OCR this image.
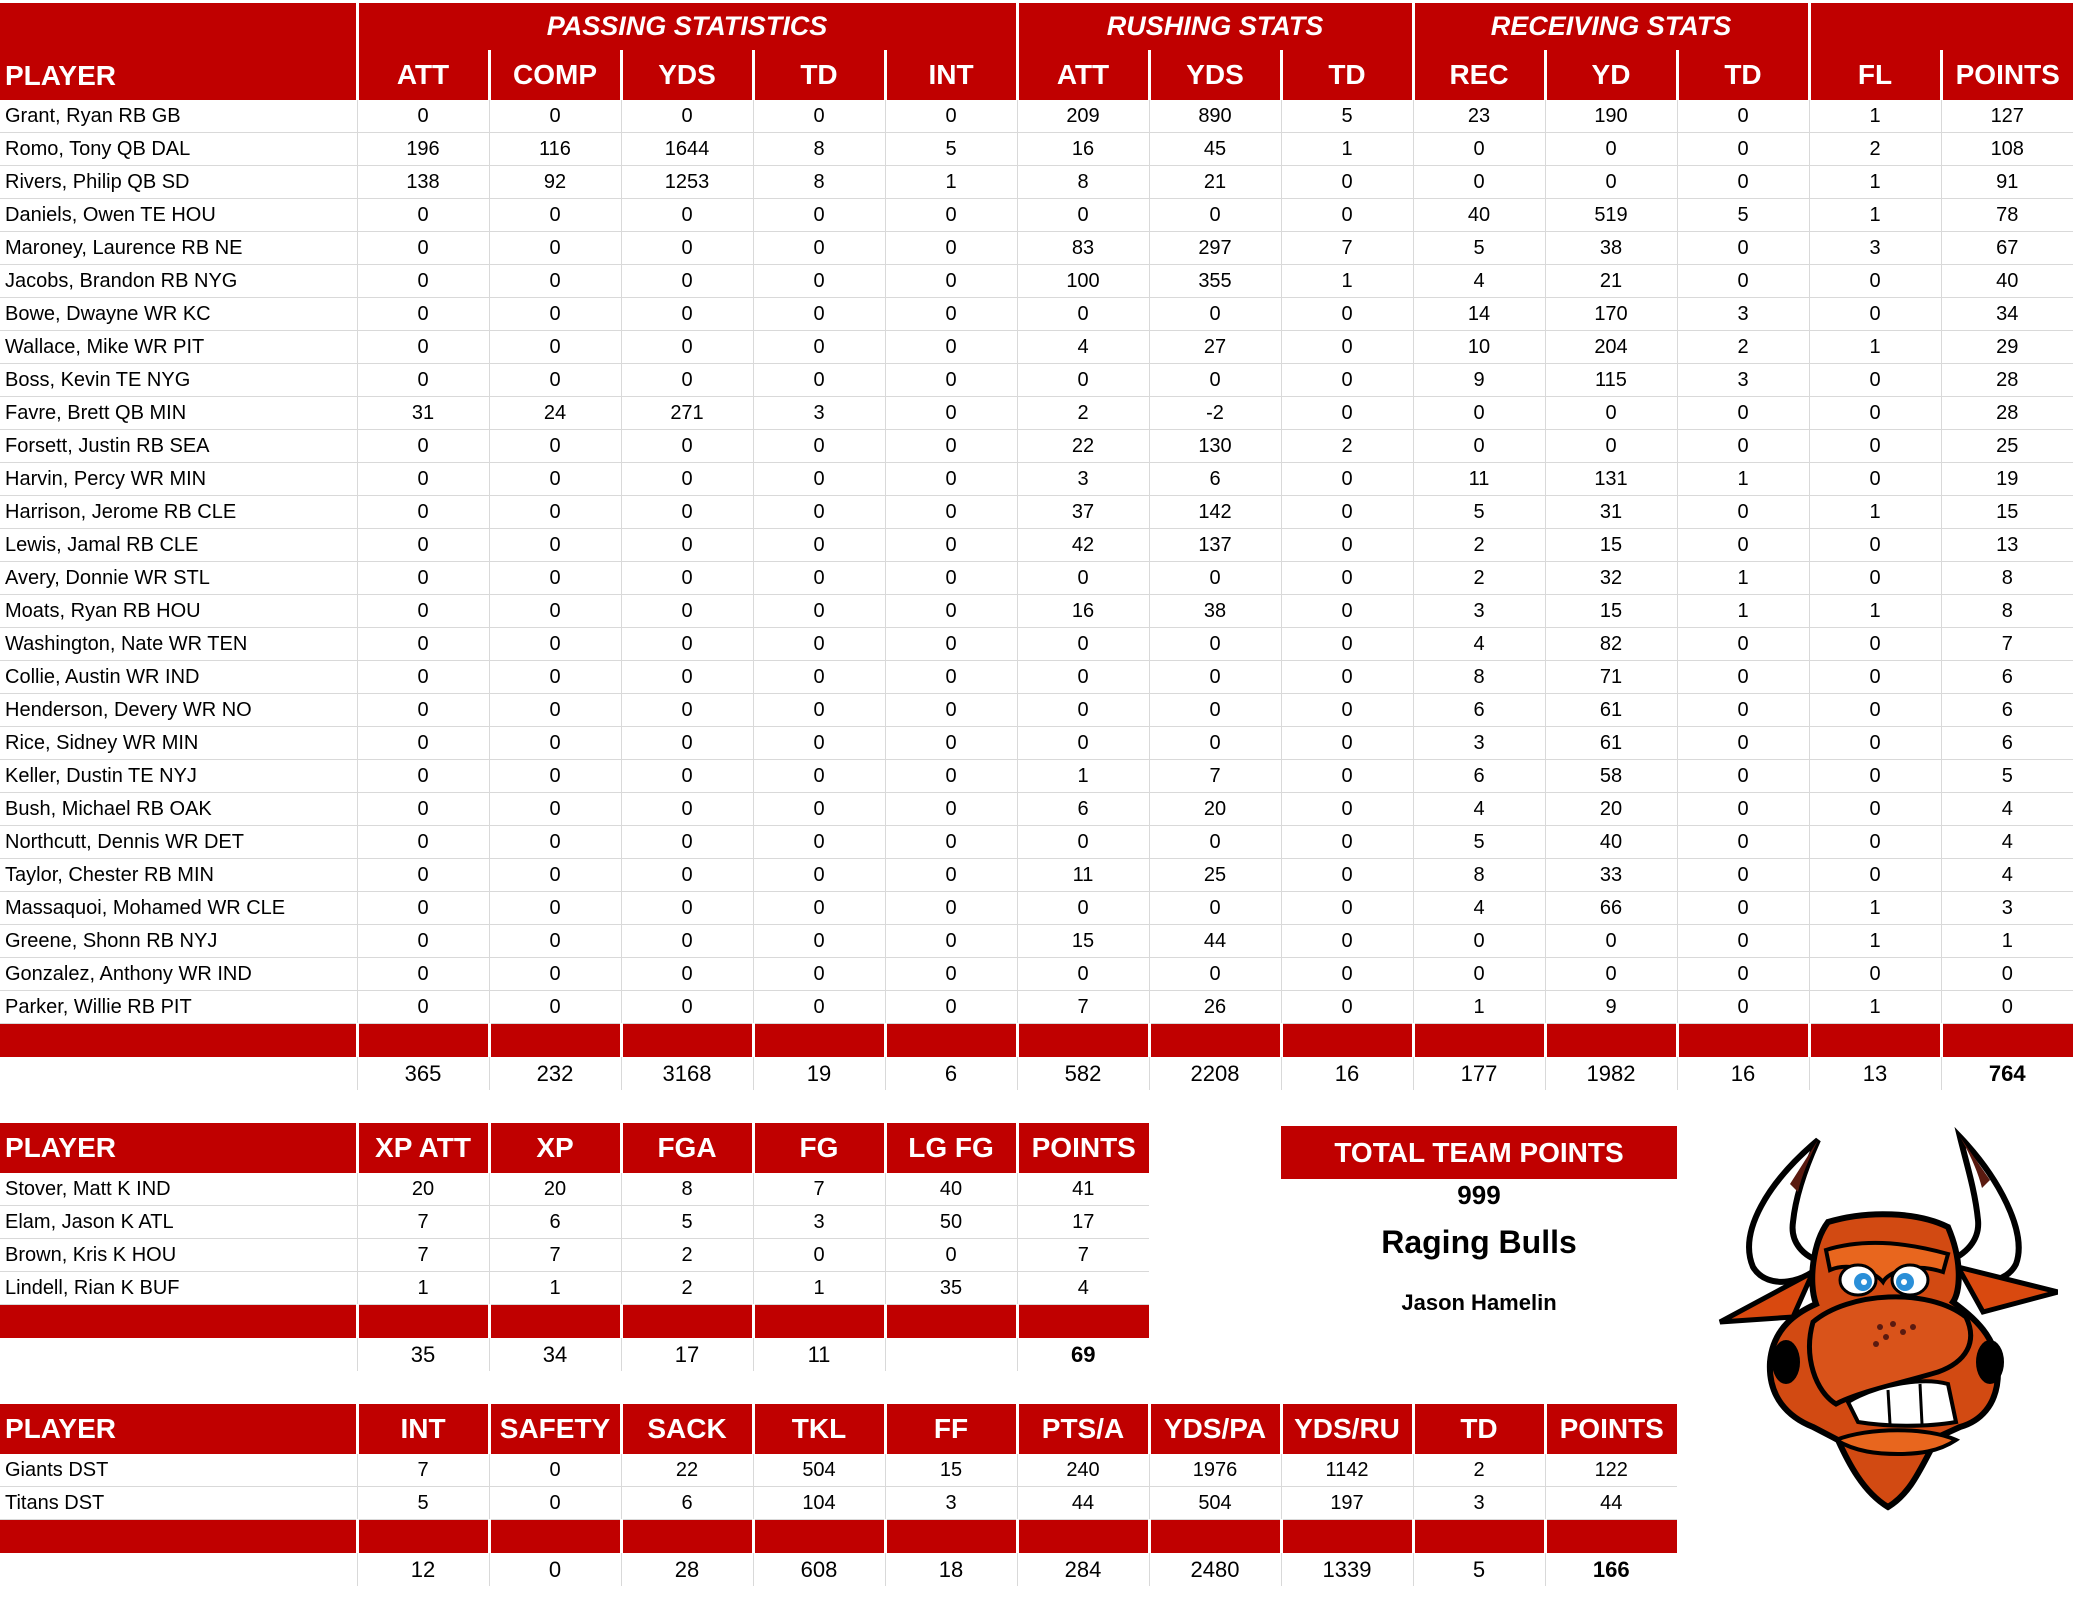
PLAYER	PASSING STATISTICS					RUSHING STATS			RECEIVING STATS				
	ATT	COMP	YDS	TD	INT	ATT	YDS	TD	REC	YD	TD	FL	POINTS
Grant, Ryan RB GB	0	0	0	0	0	209	890	5	23	190	0	1	127
Romo, Tony QB DAL	196	116	1644	8	5	16	45	1	0	0	0	2	108
Rivers, Philip QB SD	138	92	1253	8	1	8	21	0	0	0	0	1	91
Daniels, Owen TE HOU	0	0	0	0	0	0	0	0	40	519	5	1	78
Maroney, Laurence RB NE	0	0	0	0	0	83	297	7	5	38	0	3	67
Jacobs, Brandon RB NYG	0	0	0	0	0	100	355	1	4	21	0	0	40
Bowe, Dwayne WR KC	0	0	0	0	0	0	0	0	14	170	3	0	34
Wallace, Mike WR PIT	0	0	0	0	0	4	27	0	10	204	2	1	29
Boss, Kevin TE NYG	0	0	0	0	0	0	0	0	9	115	3	0	28
Favre, Brett QB MIN	31	24	271	3	0	2	-2	0	0	0	0	0	28
Forsett, Justin RB SEA	0	0	0	0	0	22	130	2	0	0	0	0	25
Harvin, Percy WR MIN	0	0	0	0	0	3	6	0	11	131	1	0	19
Harrison, Jerome RB CLE	0	0	0	0	0	37	142	0	5	31	0	1	15
Lewis, Jamal RB CLE	0	0	0	0	0	42	137	0	2	15	0	0	13
Avery, Donnie WR STL	0	0	0	0	0	0	0	0	2	32	1	0	8
Moats, Ryan RB HOU	0	0	0	0	0	16	38	0	3	15	1	1	8
Washington, Nate WR TEN	0	0	0	0	0	0	0	0	4	82	0	0	7
Collie, Austin WR IND	0	0	0	0	0	0	0	0	8	71	0	0	6
Henderson, Devery WR NO	0	0	0	0	0	0	0	0	6	61	0	0	6
Rice, Sidney WR MIN	0	0	0	0	0	0	0	0	3	61	0	0	6
Keller, Dustin TE NYJ	0	0	0	0	0	1	7	0	6	58	0	0	5
Bush, Michael RB OAK	0	0	0	0	0	6	20	0	4	20	0	0	4
Northcutt, Dennis WR DET	0	0	0	0	0	0	0	0	5	40	0	0	4
Taylor, Chester RB MIN	0	0	0	0	0	11	25	0	8	33	0	0	4
Massaquoi, Mohamed WR CLE	0	0	0	0	0	0	0	0	4	66	0	1	3
Greene, Shonn RB NYJ	0	0	0	0	0	15	44	0	0	0	0	1	1
Gonzalez, Anthony WR IND	0	0	0	0	0	0	0	0	0	0	0	0	0
Parker, Willie RB PIT	0	0	0	0	0	7	26	0	1	9	0	1	0

	365	232	3168	19	6	582	2208	16	177	1982	16	13	764
PLAYER	XP ATT	XP	FGA	FG	LG FG	POINTS
Stover, Matt K IND	20	20	8	7	40	41
Elam, Jason K ATL	7	6	5	3	50	17
Brown, Kris K HOU	7	7	2	0	0	7
Lindell, Rian K BUF	1	1	2	1	35	4

	35	34	17	11		69
PLAYER	INT	SAFETY	SACK	TKL	FF	PTS/A	YDS/PA	YDS/RU	TD	POINTS
Giants DST	7	0	22	504	15	240	1976	1142	2	122
Titans DST	5	0	6	104	3	44	504	197	3	44

	12	0	28	608	18	284	2480	1339	5	166
TOTAL TEAM POINTS
999
Raging Bulls
Jason Hamelin
